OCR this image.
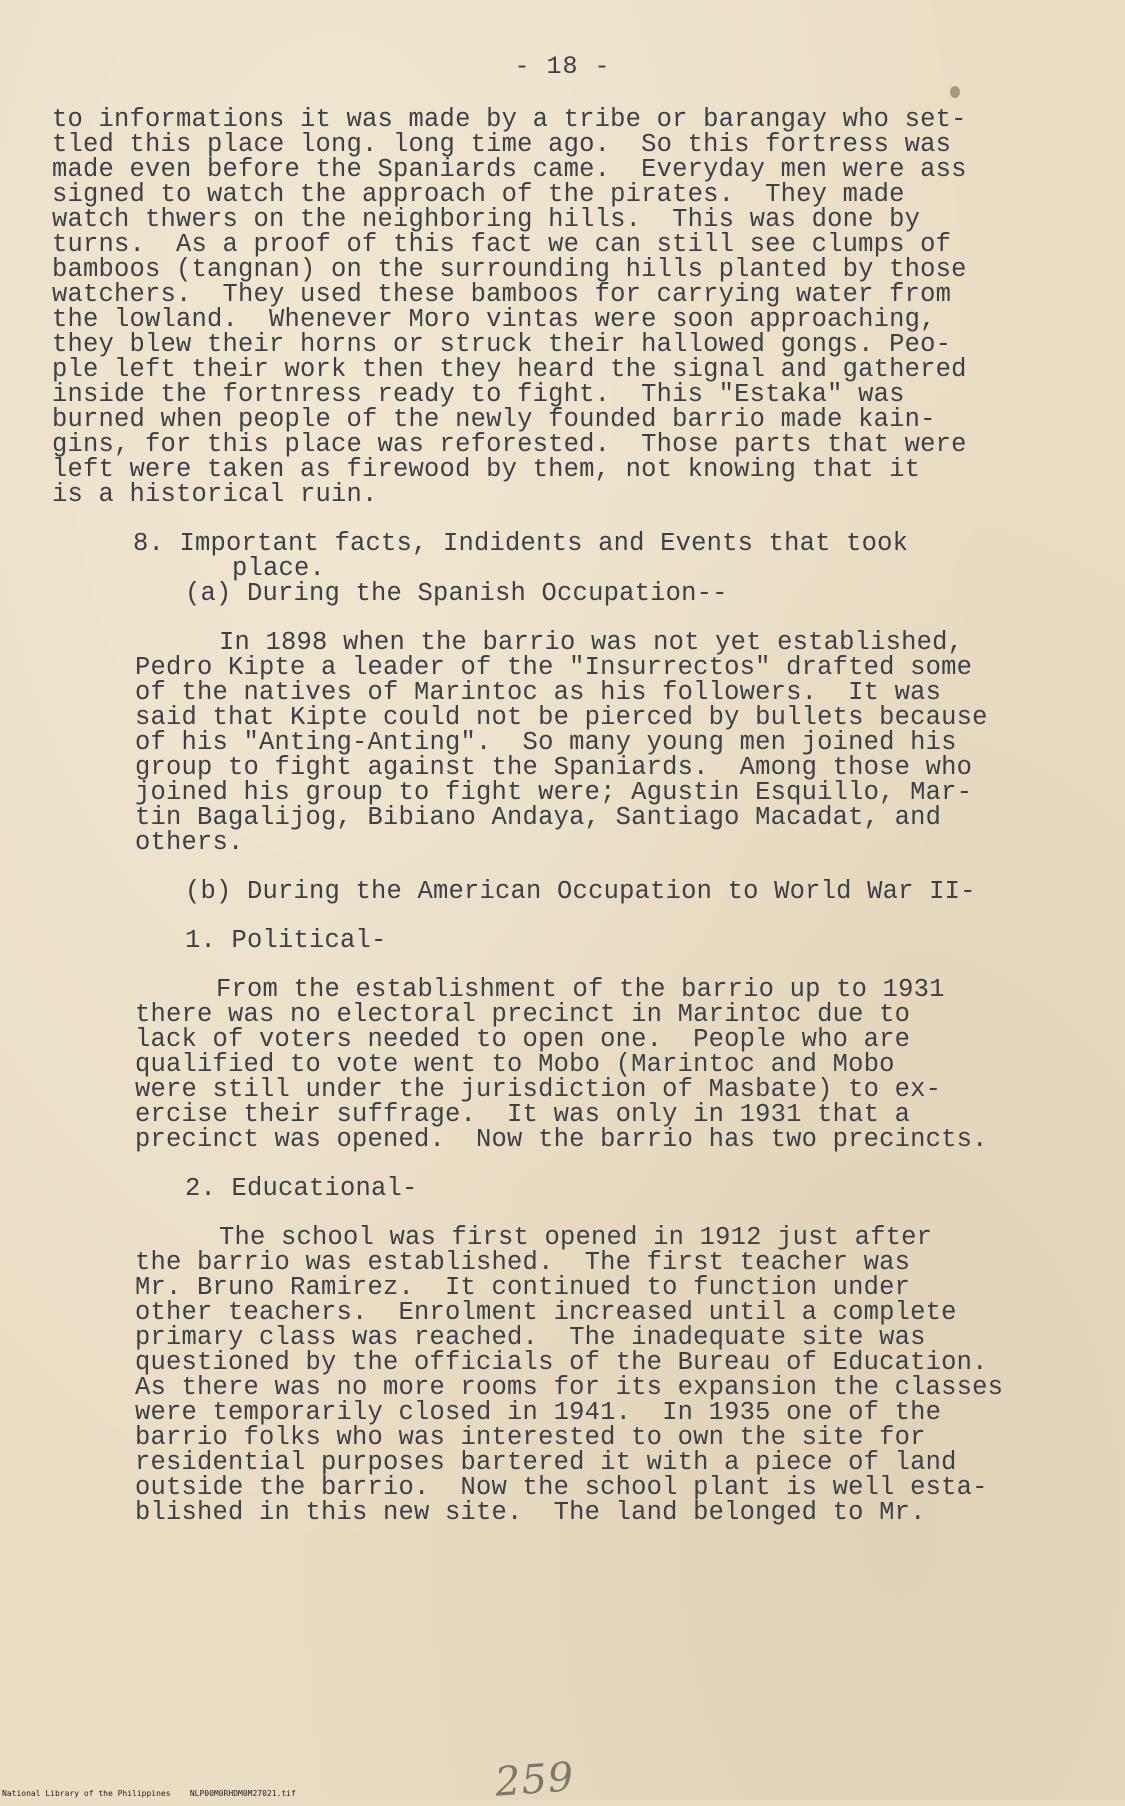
- 18 -
to informations it was made by a tribe or barangay who set-
tled this place long. long time ago.  So this fortress was
made even before the Spaniards came.  Everyday men were ass
signed to watch the approach of the pirates.  They made
watch thwers on the neighboring hills.  This was done by
turns.  As a proof of this fact we can still see clumps of
bamboos (tangnan) on the surrounding hills planted by those
watchers.  They used these bamboos for carrying water from
the lowland.  Whenever Moro vintas were soon approaching,
they blew their horns or struck their hallowed gongs. Peo-
ple left their work then they heard the signal and gathered
inside the fortnress ready to fight.  This "Estaka" was
burned when people of the newly founded barrio made kain-
gins, for this place was reforested.  Those parts that were
left were taken as firewood by them, not knowing that it
is a historical ruin.
8. Important facts, Indidents and Events that took
place.
(a) During the Spanish Occupation--
In 1898 when the barrio was not yet established,
Pedro Kipte a leader of the "Insurrectos" drafted some
of the natives of Marintoc as his followers.  It was
said that Kipte could not be pierced by bullets because
of his "Anting-Anting".  So many young men joined his
group to fight against the Spaniards.  Among those who
joined his group to fight were; Agustin Esquillo, Mar-
tin Bagalijog, Bibiano Andaya, Santiago Macadat, and
others.
(b) During the American Occupation to World War II-
1. Political-
From the establishment of the barrio up to 1931
there was no electoral precinct in Marintoc due to
lack of voters needed to open one.  People who are
qualified to vote went to Mobo (Marintoc and Mobo
were still under the jurisdiction of Masbate) to ex-
ercise their suffrage.  It was only in 1931 that a
precinct was opened.  Now the barrio has two precincts.
2. Educational-
The school was first opened in 1912 just after
the barrio was established.  The first teacher was
Mr. Bruno Ramirez.  It continued to function under
other teachers.  Enrolment increased until a complete
primary class was reached.  The inadequate site was
questioned by the officials of the Bureau of Education.
As there was no more rooms for its expansion the classes
were temporarily closed in 1941.  In 1935 one of the
barrio folks who was interested to own the site for
residential purposes bartered it with a piece of land
outside the barrio.  Now the school plant is well esta-
blished in this new site.  The land belonged to Mr.
259
National Library of the Philippines    NLP00M0RHDM0M27021.tif
